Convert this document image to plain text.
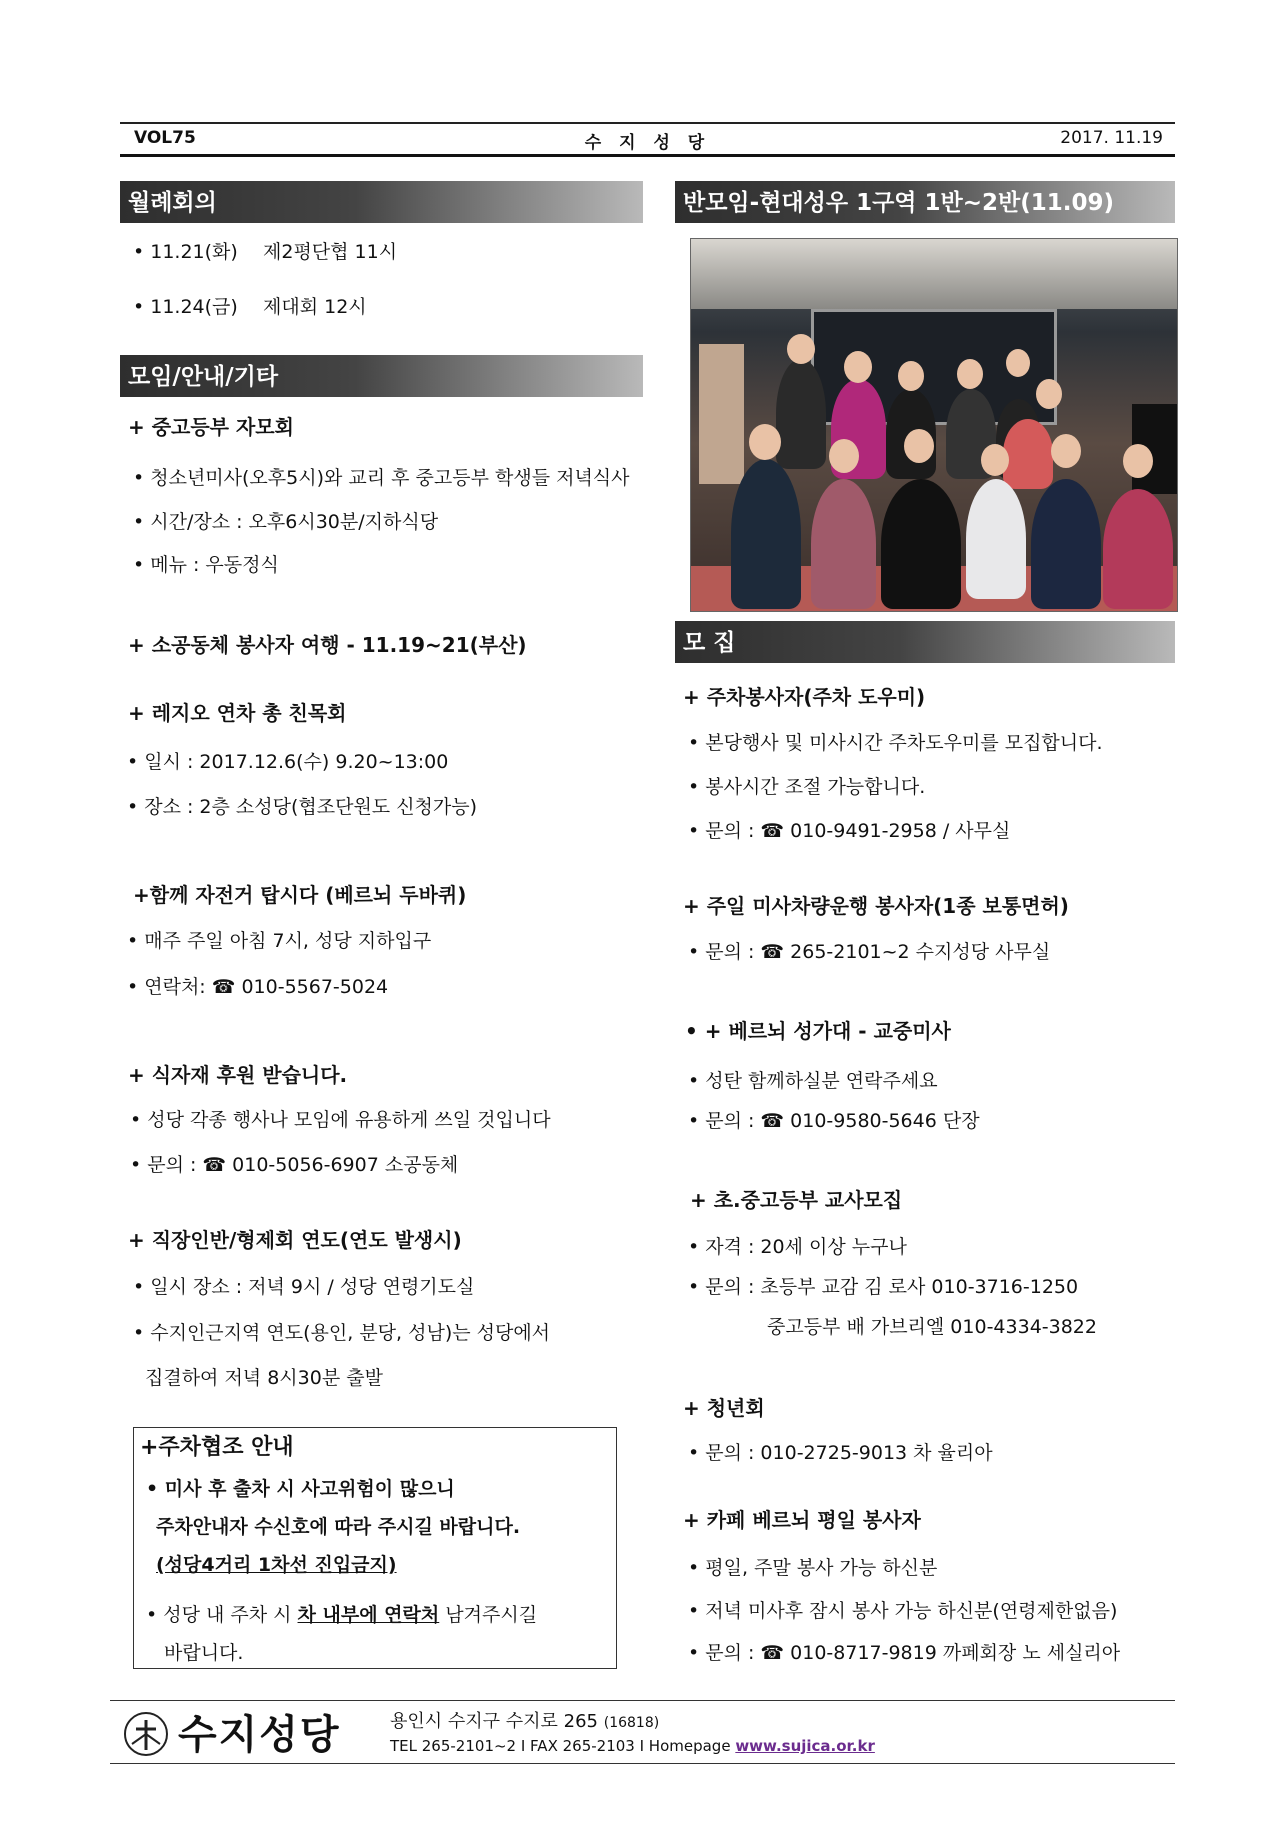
VOL75	수 지 성 당	2017. 11.19
월례회의
• 11.21(화) 제2평단협 11시
• 11.24(금) 제대회 12시
모임/안내/기타
+ 중고등부 자모회
• 청소년미사(오후5시)와 교리 후 중고등부 학생들 저녁식사
• 시간/장소 : 오후6시30분/지하식당
• 메뉴 : 우동정식
+ 소공동체 봉사자 여행 - 11.19~21(부산)
+ 레지오 연차 총 친목회
• 일시 : 2017.12.6(수) 9.20~13:00
• 장소 : 2층 소성당(협조단원도 신청가능)
+함께 자전거 탑시다 (베르뇌 두바퀴)
• 매주 주일 아침 7시, 성당 지하입구
• 연락처: ☎ 010-5567-5024
+ 식자재 후원 받습니다.
• 성당 각종 행사나 모임에 유용하게 쓰일 것입니다
• 문의 : ☎ 010-5056-6907 소공동체
+ 직장인반/형제회 연도(연도 발생시)
• 일시 장소 : 저녁 9시 / 성당 연령기도실
• 수지인근지역 연도(용인, 분당, 성남)는 성당에서
집결하여 저녁 8시30분 출발
+주차협조 안내
• 미사 후 출차 시 사고위험이 많으니
주차안내자 수신호에 따라 주시길 바랍니다.
(성당4거리 1차선 진입금지)
• 성당 내 주차 시 차 내부에 연락처 남겨주시길
바랍니다.
반모임-현대성우 1구역 1반~2반(11.09)
모 집
+ 주차봉사자(주차 도우미)
• 본당행사 및 미사시간 주차도우미를 모집합니다.
• 봉사시간 조절 가능합니다.
• 문의 : ☎ 010-9491-2958 / 사무실
+ 주일 미사차량운행 봉사자(1종 보통면허)
• 문의 : ☎ 265-2101~2 수지성당 사무실
• + 베르뇌 성가대 - 교중미사
• 성탄 함께하실분 연락주세요
• 문의 : ☎ 010-9580-5646 단장
+ 초.중고등부 교사모집
• 자격 : 20세 이상 누구나
• 문의 : 초등부 교감 김 로사 010-3716-1250
중고등부 배 가브리엘 010-4334-3822
+ 청년회
• 문의 : 010-2725-9013 차 율리아
+ 카페 베르뇌 평일 봉사자
• 평일, 주말 봉사 가능 하신분
• 저녁 미사후 잠시 봉사 가능 하신분(연령제한없음)
• 문의 : ☎ 010-8717-9819 까페회장 노 세실리아
수지성당	용인시 수지구 수지로 265 (16818)
TEL 265-2101~2 I FAX 265-2103 I Homepage www.sujica.or.kr
